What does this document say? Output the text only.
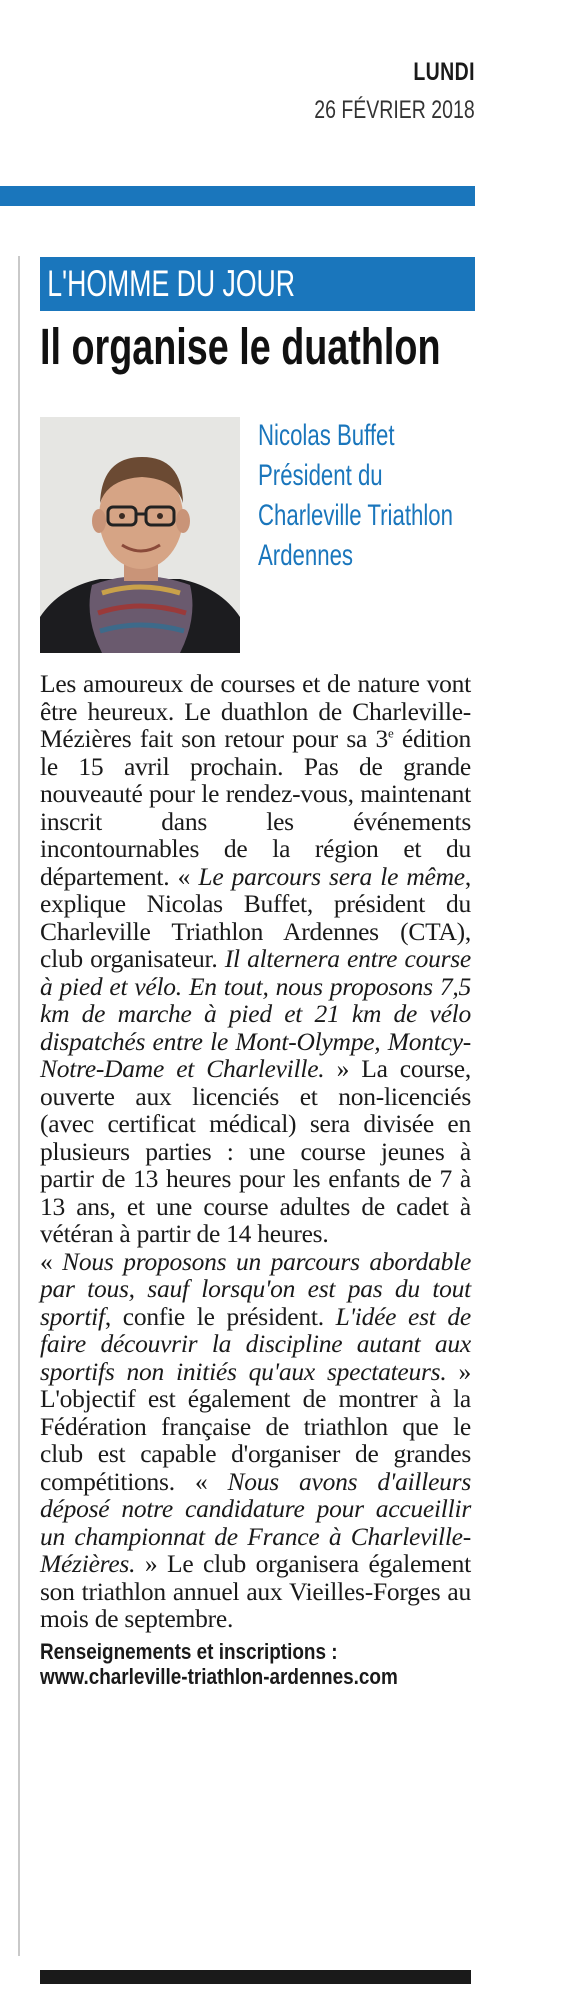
LUNDI
26 FÉVRIER 2018
L'HOMME DU JOUR
Il organise le duathlon
Nicolas Buffet
Président du
Charleville Triathlon
Ardennes

Les amoureux de courses et de nature vont être heureux. Le duathlon de Charleville-Mézières fait son retour pour sa 3e édition le 15 avril prochain. Pas de grande nouveauté pour le rendez-vous, maintenant inscrit dans les événements incontournables de la région et du département. « Le parcours sera le même, explique Nicolas Buffet, président du Charleville Triathlon Ardennes (CTA), club organisateur. Il alternera entre course à pied et vélo. En tout, nous proposons 7,5 km de marche à pied et 21 km de vélo dispatchés entre le Mont-Olympe, Montcy-Notre-Dame et Charleville. » La course, ouverte aux licenciés et non-licenciés (avec certificat médical) sera divisée en plusieurs parties : une course jeunes à partir de 13 heures pour les enfants de 7 à 13 ans, et une course adultes de cadet à vétéran à partir de 14 heures.

« Nous proposons un parcours abordable par tous, sauf lorsqu'on est pas du tout sportif, confie le président. L'idée est de faire découvrir la discipline autant aux sportifs non initiés qu'aux spectateurs. » L'objectif est également de montrer à la Fédération française de triathlon que le club est capable d'organiser de grandes compétitions. « Nous avons d'ailleurs déposé notre candidature pour accueillir un championnat de France à Charleville-Mézières. » Le club organisera également son triathlon annuel aux Vieilles-Forges au mois de septembre.

Renseignements et inscriptions :
www.charleville-triathlon-ardennes.com
